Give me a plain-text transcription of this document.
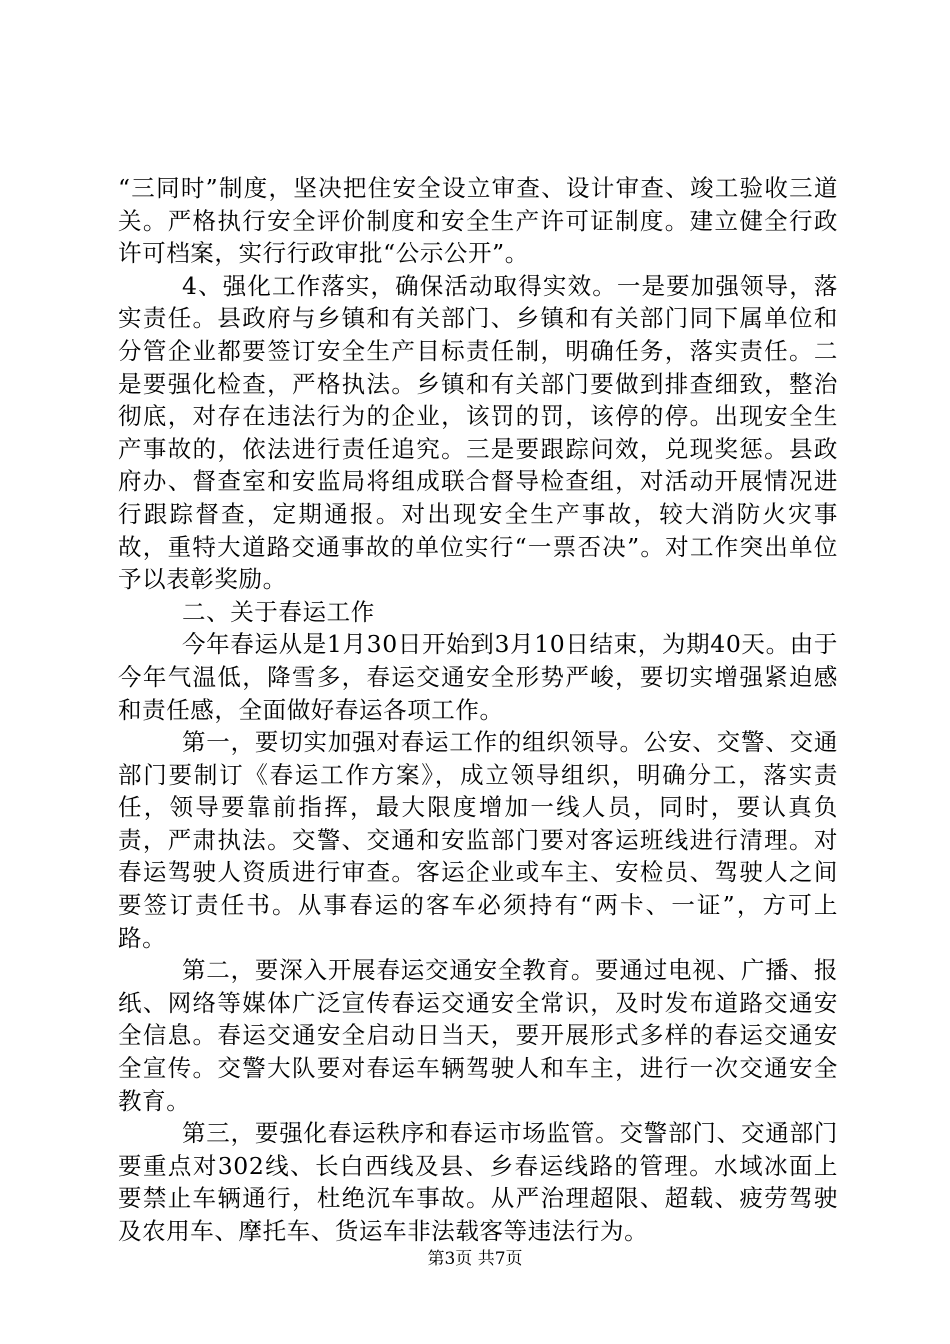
“三同时”制度，坚决把住安全设立审查、设计审查、竣工验收三道关。严格执行安全评价制度和安全生产许可证制度。建立健全行政许可档案，实行行政审批“公示公开”。

4、强化工作落实，确保活动取得实效。一是要加强领导，落实责任。县政府与乡镇和有关部门、乡镇和有关部门同下属单位和分管企业都要签订安全生产目标责任制，明确任务，落实责任。二是要强化检查，严格执法。乡镇和有关部门要做到排查细致，整治彻底，对存在违法行为的企业，该罚的罚，该停的停。出现安全生产事故的，依法进行责任追究。三是要跟踪问效，兑现奖惩。县政府办、督查室和安监局将组成联合督导检查组，对活动开展情况进行跟踪督查，定期通报。对出现安全生产事故，较大消防火灾事故，重特大道路交通事故的单位实行“一票否决”。对工作突出单位予以表彰奖励。

二、关于春运工作

今年春运从是1月30日开始到3月10日结束，为期40天。由于今年气温低，降雪多，春运交通安全形势严峻，要切实增强紧迫感和责任感，全面做好春运各项工作。

第一，要切实加强对春运工作的组织领导。公安、交警、交通部门要制订《春运工作方案》，成立领导组织，明确分工，落实责任，领导要靠前指挥，最大限度增加一线人员，同时，要认真负责，严肃执法。交警、交通和安监部门要对客运班线进行清理。对春运驾驶人资质进行审查。客运企业或车主、安检员、驾驶人之间要签订责任书。从事春运的客车必须持有“两卡、一证”，方可上路。

第二，要深入开展春运交通安全教育。要通过电视、广播、报纸、网络等媒体广泛宣传春运交通安全常识，及时发布道路交通安全信息。春运交通安全启动日当天，要开展形式多样的春运交通安全宣传。交警大队要对春运车辆驾驶人和车主，进行一次交通安全教育。

第三，要强化春运秩序和春运市场监管。交警部门、交通部门要重点对302线、长白西线及县、乡春运线路的管理。水域冰面上要禁止车辆通行，杜绝沉车事故。从严治理超限、超载、疲劳驾驶及农用车、摩托车、货运车非法载客等违法行为。

第3页 共7页
